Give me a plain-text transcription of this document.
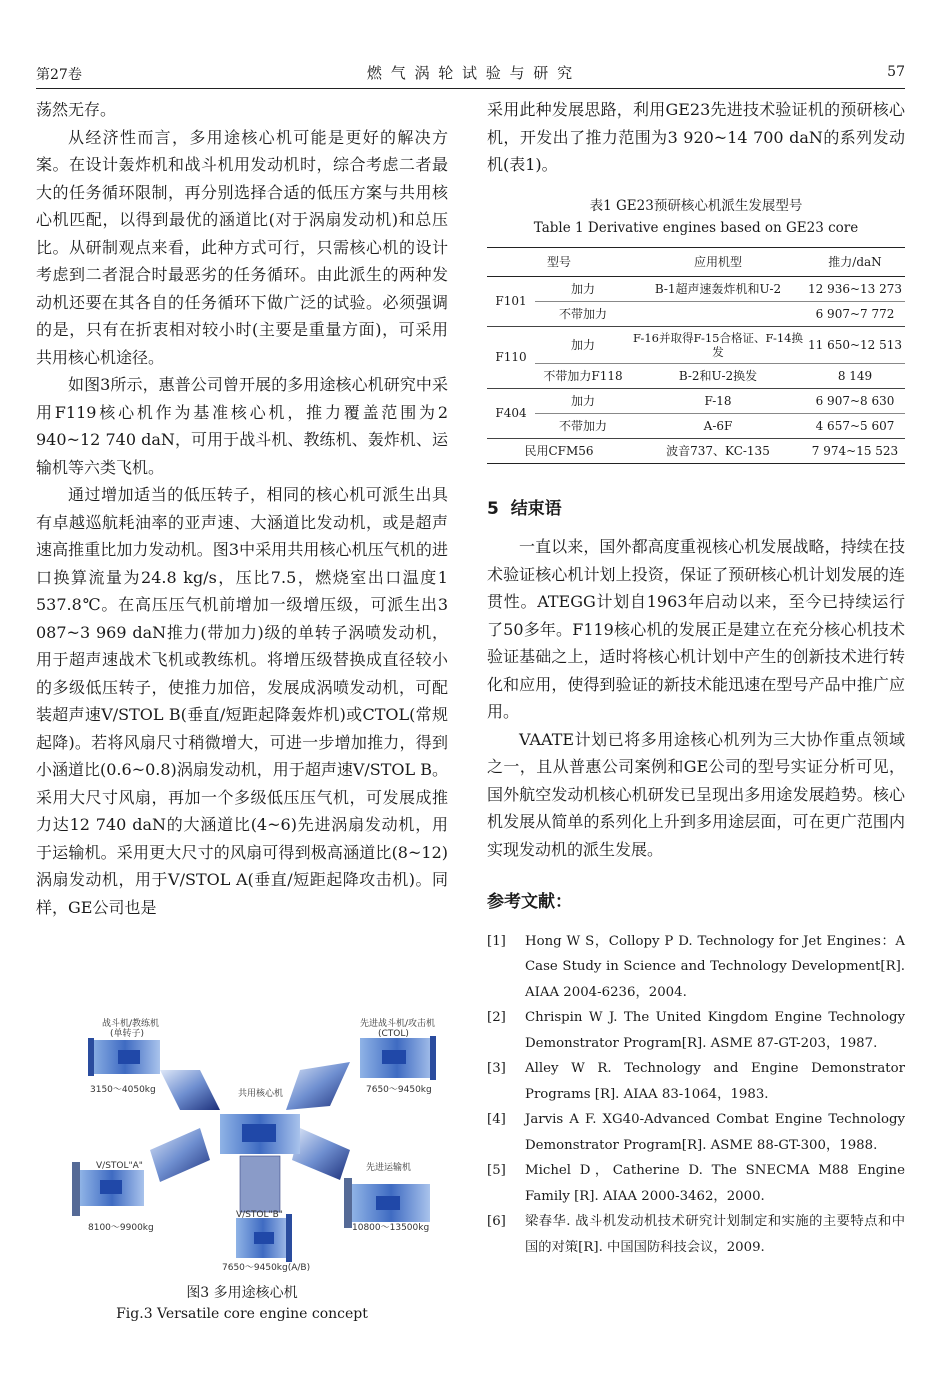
第27卷	燃 气 涡 轮 试 验 与 研 究	57

荡然无存。

从经济性而言，多用途核心机可能是更好的解决方案。在设计轰炸机和战斗机用发动机时，综合考虑二者最大的任务循环限制，再分别选择合适的低压方案与共用核心机匹配，以得到最优的涵道比(对于涡扇发动机)和总压比。从研制观点来看，此种方式可行，只需核心机的设计考虑到二者混合时最恶劣的任务循环。由此派生的两种发动机还要在其各自的任务循环下做广泛的试验。必须强调的是，只有在折衷相对较小时(主要是重量方面)，可采用共用核心机途径。

如图3所示，惠普公司曾开展的多用途核心机研究中采用F119核心机作为基准核心机，推力覆盖范围为2 940~12 740 daN，可用于战斗机、教练机、轰炸机、运输机等六类飞机。

通过增加适当的低压转子，相同的核心机可派生出具有卓越巡航耗油率的亚声速、大涵道比发动机，或是超声速高推重比加力发动机。图3中采用共用核心机压气机的进口换算流量为24.8 kg/s，压比7.5，燃烧室出口温度1 537.8℃。在高压压气机前增加一级增压级，可派生出3 087~3 969 daN推力(带加力)级的单转子涡喷发动机，用于超声速战术飞机或教练机。将增压级替换成直径较小的多级低压转子，使推力加倍，发展成涡喷发动机，可配装超声速V/STOL B(垂直/短距起降轰炸机)或CTOL(常规起降)。若将风扇尺寸稍微增大，可进一步增加推力，得到小涵道比(0.6~0.8)涡扇发动机，用于超声速V/STOL B。采用大尺寸风扇，再加一个多级低压压气机，可发展成推力达12 740 daN的大涵道比(4~6)先进涡扇发动机，用于运输机。采用更大尺寸的风扇可得到极高涵道比(8~12)涡扇发动机，用于V/STOL A(垂直/短距起降攻击机)。同样，GE公司也是

战斗机/教练机
(单转子)
先进战斗机/攻击机
(CTOL)
3150～4050kg	7650～9450kg
共用核心机
V/STOL"A"	先进运输机
V/STOL"B"
8100～9900kg	10800～13500kg
7650～9450kg(A/B)
图3 多用途核心机
Fig.3 Versatile core engine concept

采用此种发展思路，利用GE23先进技术验证机的预研核心机，开发出了推力范围为3 920~14 700 daN的系列发动机(表1)。

表1 GE23预研核心机派生发展型号
Table 1 Derivative engines based on GE23 core
型号		应用机型	推力/daN
F101	加力	B-1超声速轰炸机和U-2	12 936~13 273
	不带加力		6 907~7 772
F110	加力	F-16并取得F-15合格证、F-14换发	11 650~12 513
	不带加力F118	B-2和U-2换发	8 149
F404	加力	F-18	6 907~8 630
	不带加力	A-6F	4 657~5 607
民用CFM56		波音737、KC-135	7 974~15 523
5 结束语

一直以来，国外都高度重视核心机发展战略，持续在技术验证核心机计划上投资，保证了预研核心机计划发展的连贯性。ATEGG计划自1963年启动以来，至今已持续运行了50多年。F119核心机的发展正是建立在充分核心机技术验证基础之上，适时将核心机计划中产生的创新技术进行转化和应用，使得到验证的新技术能迅速在型号产品中推广应用。

VAATE计划已将多用途核心机列为三大协作重点领域之一，且从普惠公司案例和GE公司的型号实证分析可见，国外航空发动机核心机研发已呈现出多用途发展趋势。核心机发展从简单的系列化上升到多用途层面，可在更广范围内实现发动机的派生发展。

参考文献：
[1]	Hong W S，Collopy P D. Technology for Jet Engines：A Case Study in Science and Technology Development[R]. AIAA 2004-6236，2004.
[2]	Chrispin W J. The United Kingdom Engine Technology Demonstrator Program[R]. ASME 87-GT-203，1987.
[3]	Alley W R. Technology and Engine Demonstrator Programs [R]. AIAA 83-1064，1983.
[4]	Jarvis A F. XG40-Advanced Combat Engine Technology Demonstrator Program[R]. ASME 88-GT-300，1988.
[5]	Michel D，Catherine D. The SNECMA M88 Engine Family [R]. AIAA 2000-3462，2000.
[6]	梁春华. 战斗机发动机技术研究计划制定和实施的主要特点和中国的对策[R]. 中国国防科技会议，2009.
